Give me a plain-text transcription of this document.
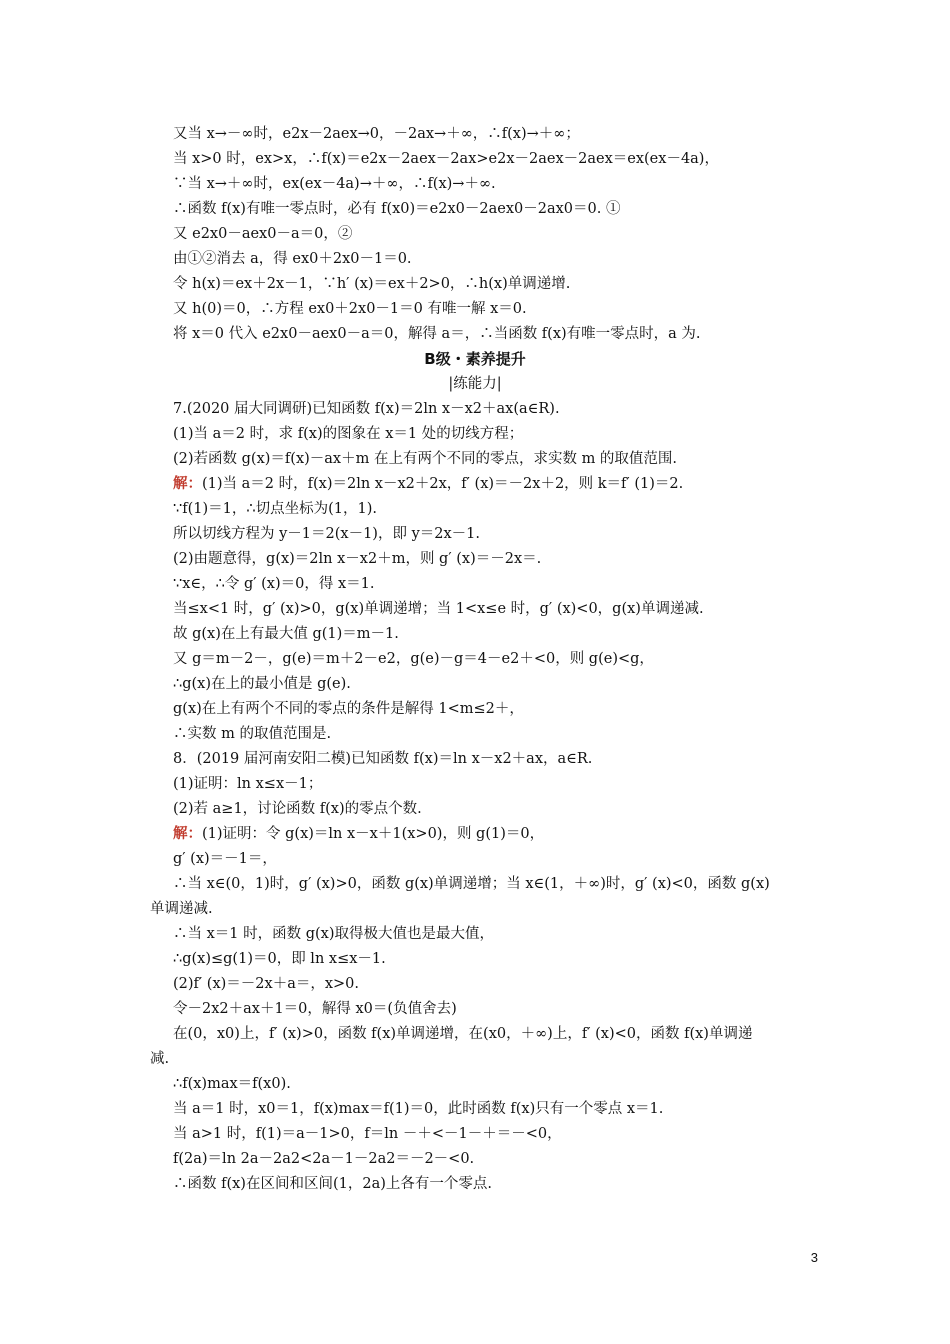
又当 x→－∞时，e2x－2aex→0，－2ax→＋∞，∴f(x)→＋∞；
当 x>0 时，ex>x，∴f(x)＝e2x－2aex－2ax>e2x－2aex－2aex＝ex(ex－4a)，
∵当 x→＋∞时，ex(ex－4a)→＋∞，∴f(x)→＋∞.
∴函数 f(x)有唯一零点时，必有 f(x0)＝e2x0－2aex0－2ax0＝0. ①
又 e2x0－aex0－a＝0，②
由①②消去 a，得 ex0＋2x0－1＝0.
令 h(x)＝ex＋2x－1，∵h′ (x)＝ex＋2>0，∴h(x)单调递增.
又 h(0)＝0，∴方程 ex0＋2x0－1＝0 有唯一解 x＝0.
将 x＝0 代入 e2x0－aex0－a＝0，解得 a＝，∴当函数 f(x)有唯一零点时，a 为.
B级・素养提升
|练能力|
7.(2020 届大同调研)已知函数 f(x)＝2ln x－x2＋ax(a∈R).
(1)当 a＝2 时，求 f(x)的图象在 x＝1 处的切线方程；
(2)若函数 g(x)＝f(x)－ax＋m 在上有两个不同的零点，求实数 m 的取值范围.
解：(1)当 a＝2 时，f(x)＝2ln x－x2＋2x，f′ (x)＝－2x＋2，则 k＝f′ (1)＝2.
∵f(1)＝1，∴切点坐标为(1，1).
所以切线方程为 y－1＝2(x－1)，即 y＝2x－1.
(2)由题意得，g(x)＝2ln x－x2＋m，则 g′ (x)＝－2x＝.
∵x∈，∴令 g′ (x)＝0，得 x＝1.
当≤x<1 时，g′ (x)>0，g(x)单调递增；当 1<x≤e 时，g′ (x)<0，g(x)单调递减.
故 g(x)在上有最大值 g(1)＝m－1.
又 g＝m－2－，g(e)＝m＋2－e2，g(e)－g＝4－e2＋<0，则 g(e)<g，
∴g(x)在上的最小值是 g(e).
g(x)在上有两个不同的零点的条件是解得 1<m≤2＋，
∴实数 m 的取值范围是.
8．(2019 届河南安阳二模)已知函数 f(x)＝ln x－x2＋ax，a∈R.
(1)证明：ln x≤x－1；
(2)若 a≥1，讨论函数 f(x)的零点个数.
解：(1)证明：令 g(x)＝ln x－x＋1(x>0)，则 g(1)＝0，
g′ (x)＝－1＝，
∴当 x∈(0，1)时，g′ (x)>0，函数 g(x)单调递增；当 x∈(1，＋∞)时，g′ (x)<0，函数 g(x)
单调递减.
∴当 x＝1 时，函数 g(x)取得极大值也是最大值，
∴g(x)≤g(1)＝0，即 ln x≤x－1.
(2)f′ (x)＝－2x＋a＝，x>0.
令－2x2＋ax＋1＝0，解得 x0＝(负值舍去)
在(0，x0)上，f′ (x)>0，函数 f(x)单调递增，在(x0，＋∞)上，f′ (x)<0，函数 f(x)单调递
减.
∴f(x)max＝f(x0).
当 a＝1 时，x0＝1，f(x)max＝f(1)＝0，此时函数 f(x)只有一个零点 x＝1.
当 a>1 时，f(1)＝a－1>0，f＝ln －＋<－1－＋＝－<0，
f(2a)＝ln 2a－2a2<2a－1－2a2＝－2－<0.
∴函数 f(x)在区间和区间(1，2a)上各有一个零点.
3
